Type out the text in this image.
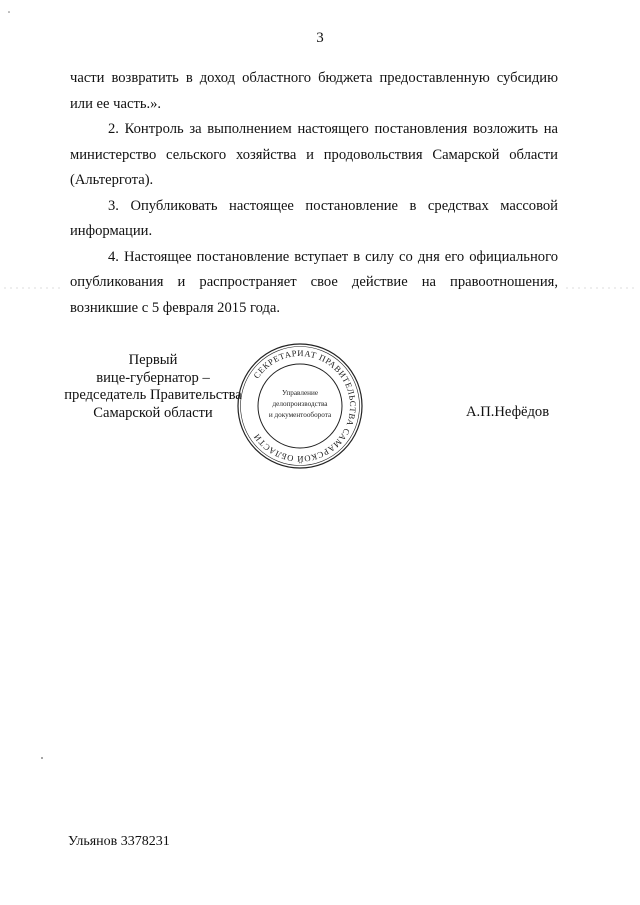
3

части возвратить в доход областного бюджета предоставленную субсидию или ее часть.».

2. Контроль за выполнением настоящего постановления возложить на министерство сельского хозяйства и продовольствия Самарской области (Альтергота).

3. Опубликовать настоящее постановление в средствах массовой информации.

4. Настоящее постановление вступает в силу со дня его официального опубликования и распространяет свое действие на правоотношения, возникшие с 5 февраля 2015 года.

Первый
вице-губернатор –
председатель Правительства
Самарской области
СЕКРЕТАРИАТ ПРАВИТЕЛЬСТВА САМАРСКОЙ ОБЛАСТИ
Управление
делопроизводства
и документооборота	А.П.Нефёдов
Ульянов 3378231
